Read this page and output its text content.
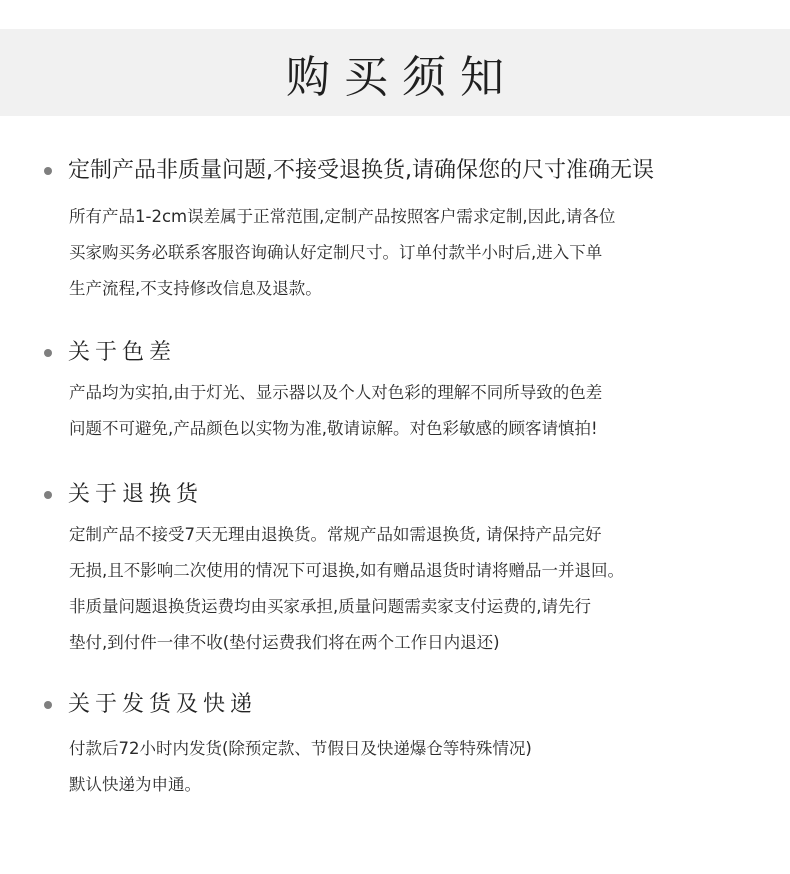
购买须知
定制产品非质量问题,不接受退换货,请确保您的尺寸准确无误
所有产品1-2cm误差属于正常范围,定制产品按照客户需求定制,因此,请各位
买家购买务必联系客服咨询确认好定制尺寸。订单付款半小时后,进入下单
生产流程,不支持修改信息及退款。
关于色差
产品均为实拍,由于灯光、显示器以及个人对色彩的理解不同所导致的色差
问题不可避免,产品颜色以实物为准,敬请谅解。对色彩敏感的顾客请慎拍!
关于退换货
定制产品不接受7天无理由退换货。常规产品如需退换货, 请保持产品完好
无损,且不影响二次使用的情况下可退换,如有赠品退货时请将赠品一并退回。
非质量问题退换货运费均由买家承担,质量问题需卖家支付运费的,请先行
垫付,到付件一律不收(垫付运费我们将在两个工作日内退还)
关于发货及快递
付款后72小时内发货(除预定款、节假日及快递爆仓等特殊情况)
默认快递为申通。
